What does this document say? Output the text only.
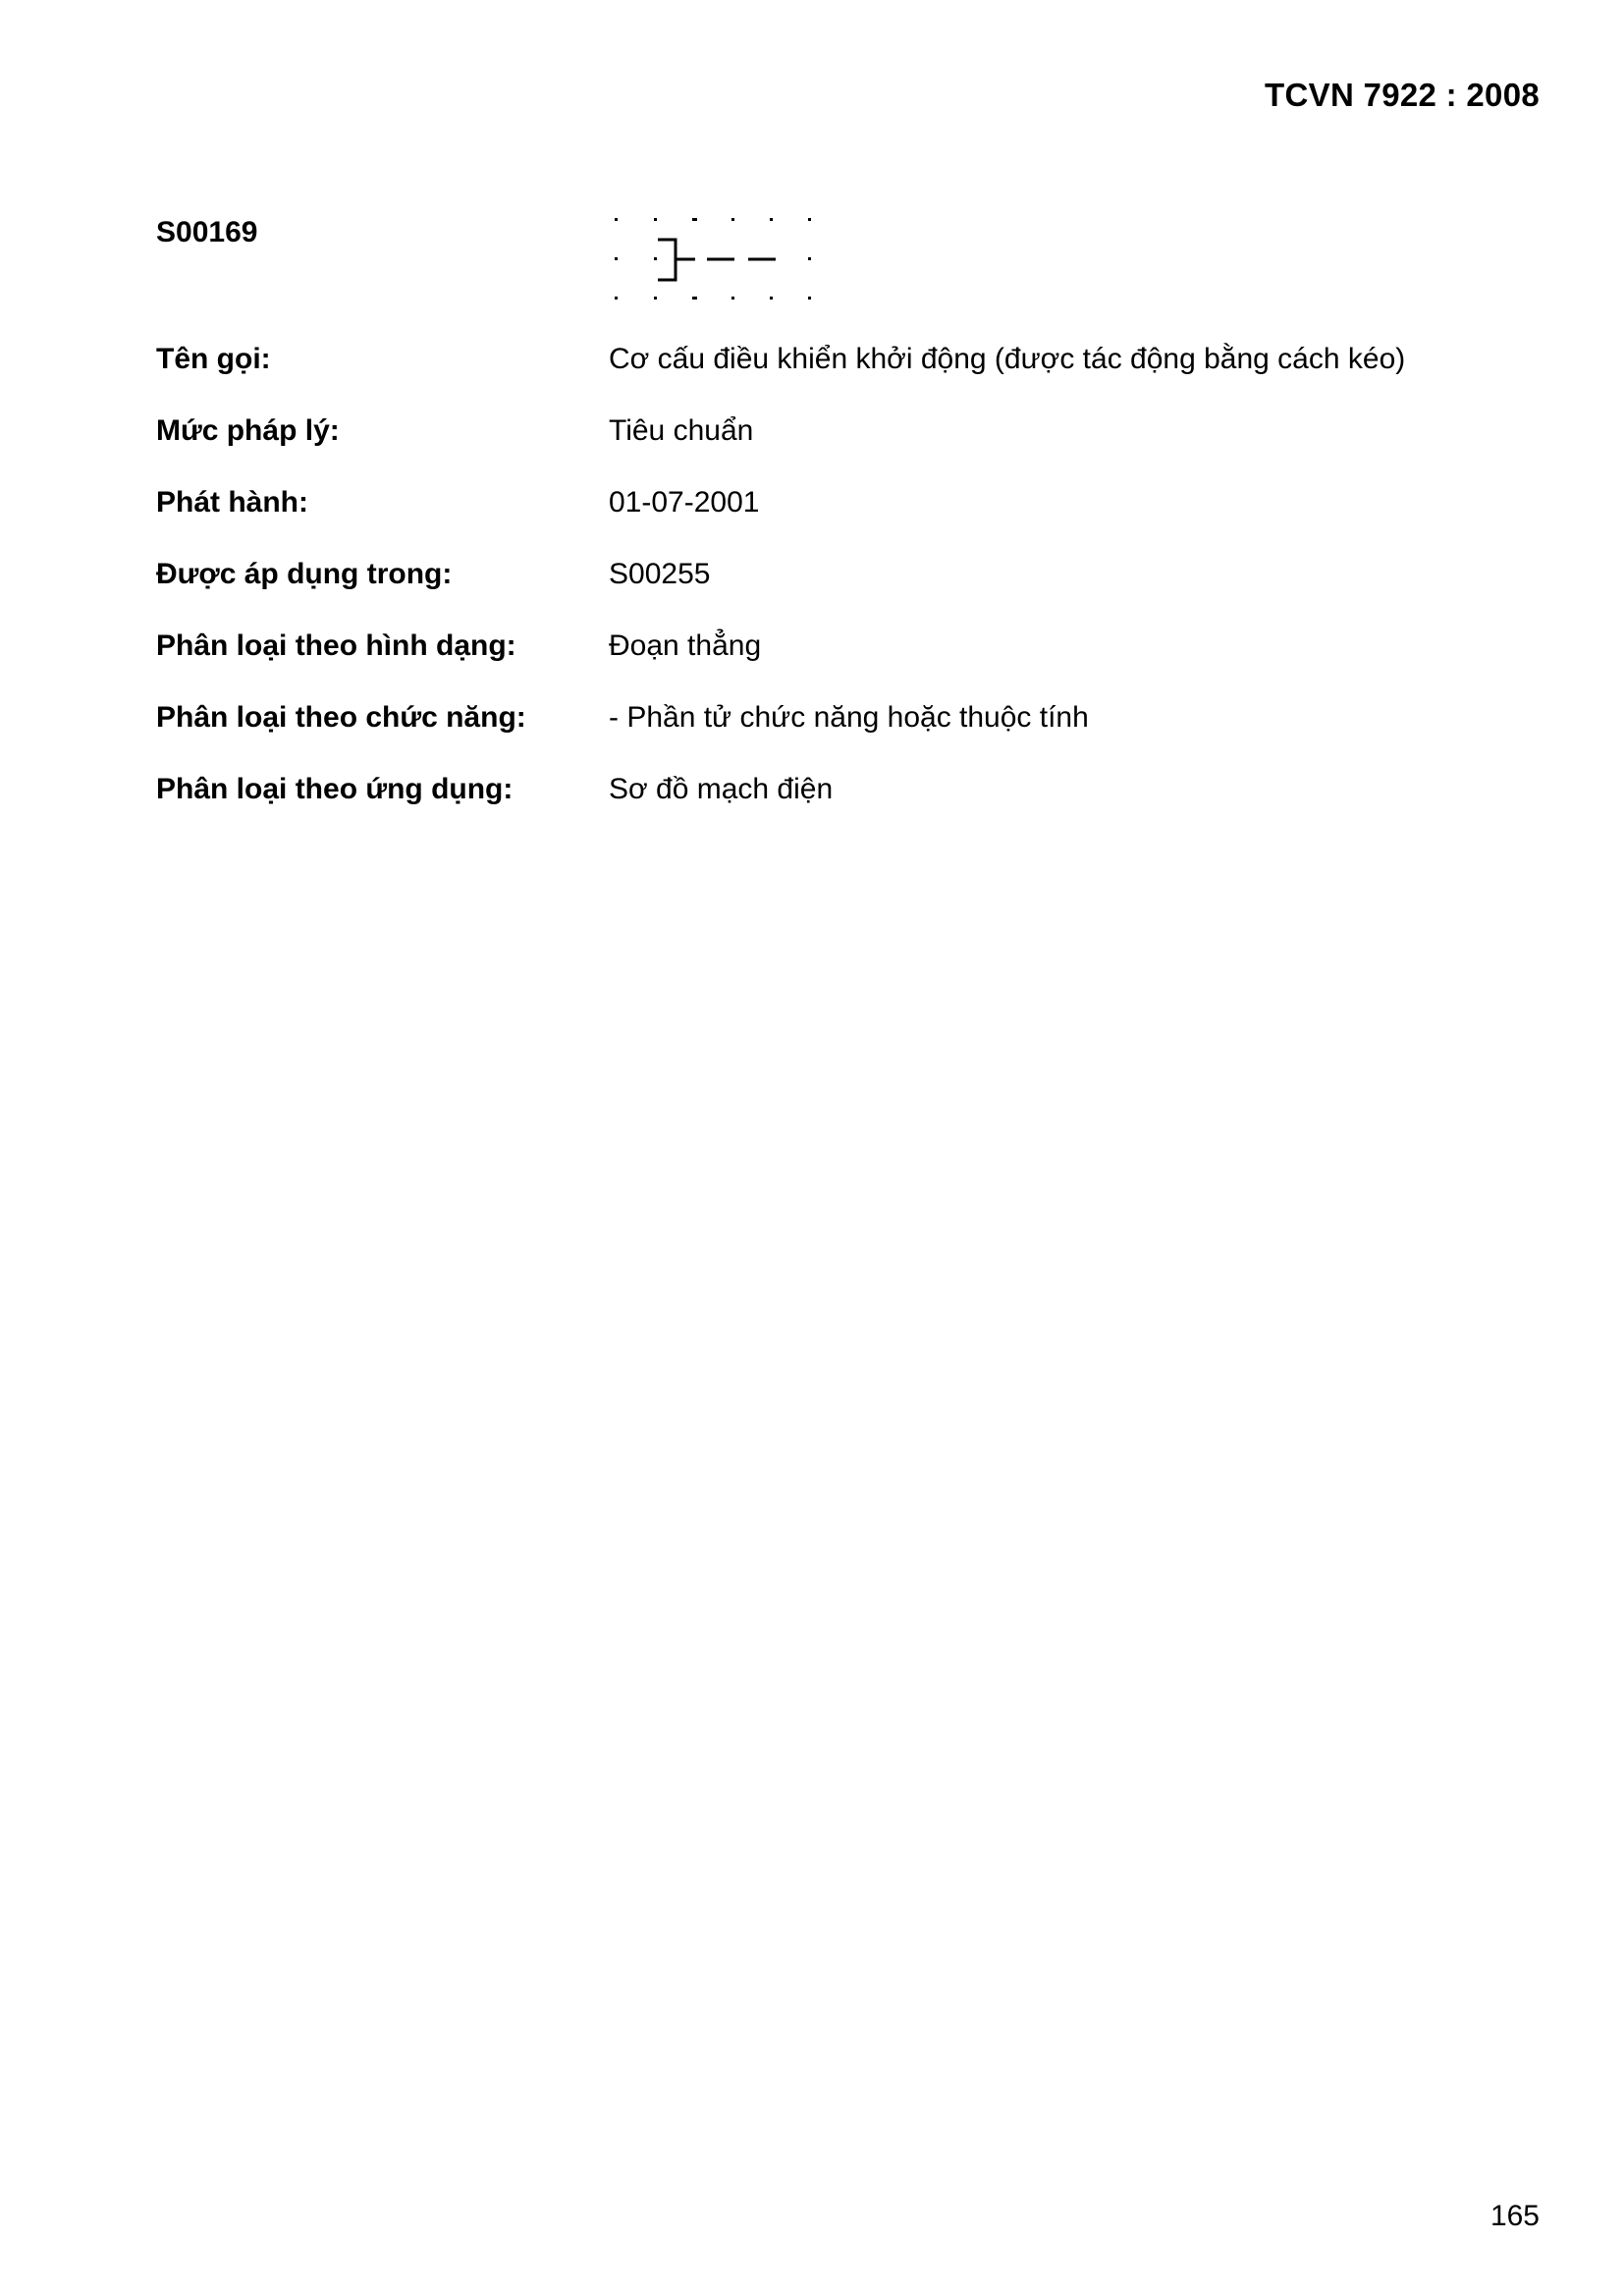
TCVN 7922 : 2008
S00169
Tên gọi:	Cơ cấu điều khiển khởi động (được tác động bằng cách kéo)
Mức pháp lý:	Tiêu chuẩn
Phát hành:	01-07-2001
Được áp dụng trong:	S00255
Phân loại theo hình dạng:	Đoạn thẳng
Phân loại theo chức năng:	- Phần tử chức năng hoặc thuộc tính
Phân loại theo ứng dụng:	Sơ đồ mạch điện
165
